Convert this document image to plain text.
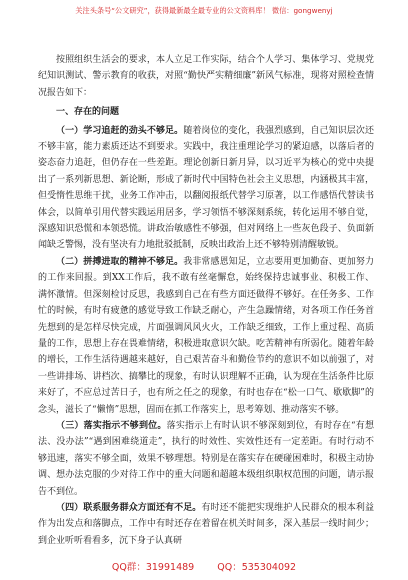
关注头条号“公文研究”，获得最新最全最专业的公文资料库！ 微信：gongwenyj

按照组织生活会的要求，本人立足工作实际，结合个人学习、集体学习、党规党纪知识测试、警示教育的收获，对照“勤快严实精细廉”新风气标准，现将对照检查情况报告如下：

一、存在的问题

（一）学习追赶的劲头不够足。随着岗位的变化，我强烈感到，自己知识层次还不够丰富，能力素质还达不到要求。实践中，我注重理论学习的紧迫感，以落后者的姿态奋力追赶，但仍存在一些差距。理论创新日新月异，以习近平为核心的党中央提出了一系列新思想、新论断，形成了新时代中国特色社会主义思想，内涵极其丰富，但受惰性思维干扰，业务工作冲击，以翻阅报纸代替学习原著，以工作感悟代替读书体会，以简单引用代替实践运用居多，学习领悟不够深刻系统，转化运用不够自觉，深感知识恐慌和本领恐慌。讲政治敏感性不够强，但对网络上一些灰色段子、负面新闻缺乏警惕，没有坚决有力地批驳抵制，反映出政治上还不够特别清醒敏锐。

（二）拼搏进取的精神不够足。我非常感恩知足，立志要用更加勤奋、更加努力的工作来回报。到XX工作后，我不敢有丝毫懈怠，始终保持忠诚事业、积极工作、满怀激情。但深刻检讨反思，我感到自己在有些方面还做得不够好。在任务多、工作忙的时候，有时有疲惫的感觉导致工作缺乏耐心，产生急躁情绪，对各项工作任务首先想到的是怎样尽快完成，片面强调风风火火，工作缺乏细致，工作上重过程、高质量的工作，思想上存在畏难情绪，积极进取意识欠缺。吃苦精神有所弱化。随着年龄的增长，工作生活待遇越来越好，自己艰苦奋斗和勤俭节约的意识不如以前强了，对一些讲排场、讲档次、搞攀比的现象，有时认识理解不正确，认为现在生活条件比原来好了，不应总过苦日子，也有所之任之的现象，有时也存在“松一口气、歇歇脚”的念头，滋长了“懒惰”思想，固而在抓工作落实上，思考筹划、推动落实不够。

（三）落实指示不够到位。落实指示上有时认识不够深刻到位，有时存在“有想法、没办法”“遇到困难绕道走”，执行的时效性、实效性还有一定差距。有时行动不够迅速，落实不够全面，效果不够理想。特别是在落实存在硬碰困难时，积极主动协调、想办法克服的少对待工作中的重大问题和超越本级组织职权范围的问题，请示报告不到位。

（四）联系服务群众方面还有不足。有时还不能把实现维护人民群众的根本利益作为出发点和落脚点，工作中有时还存在着留在机关时间多，深入基层一线时间少；到企业听听看看多，沉下身子认真研

QQ群：31991489 QQ：535304092
